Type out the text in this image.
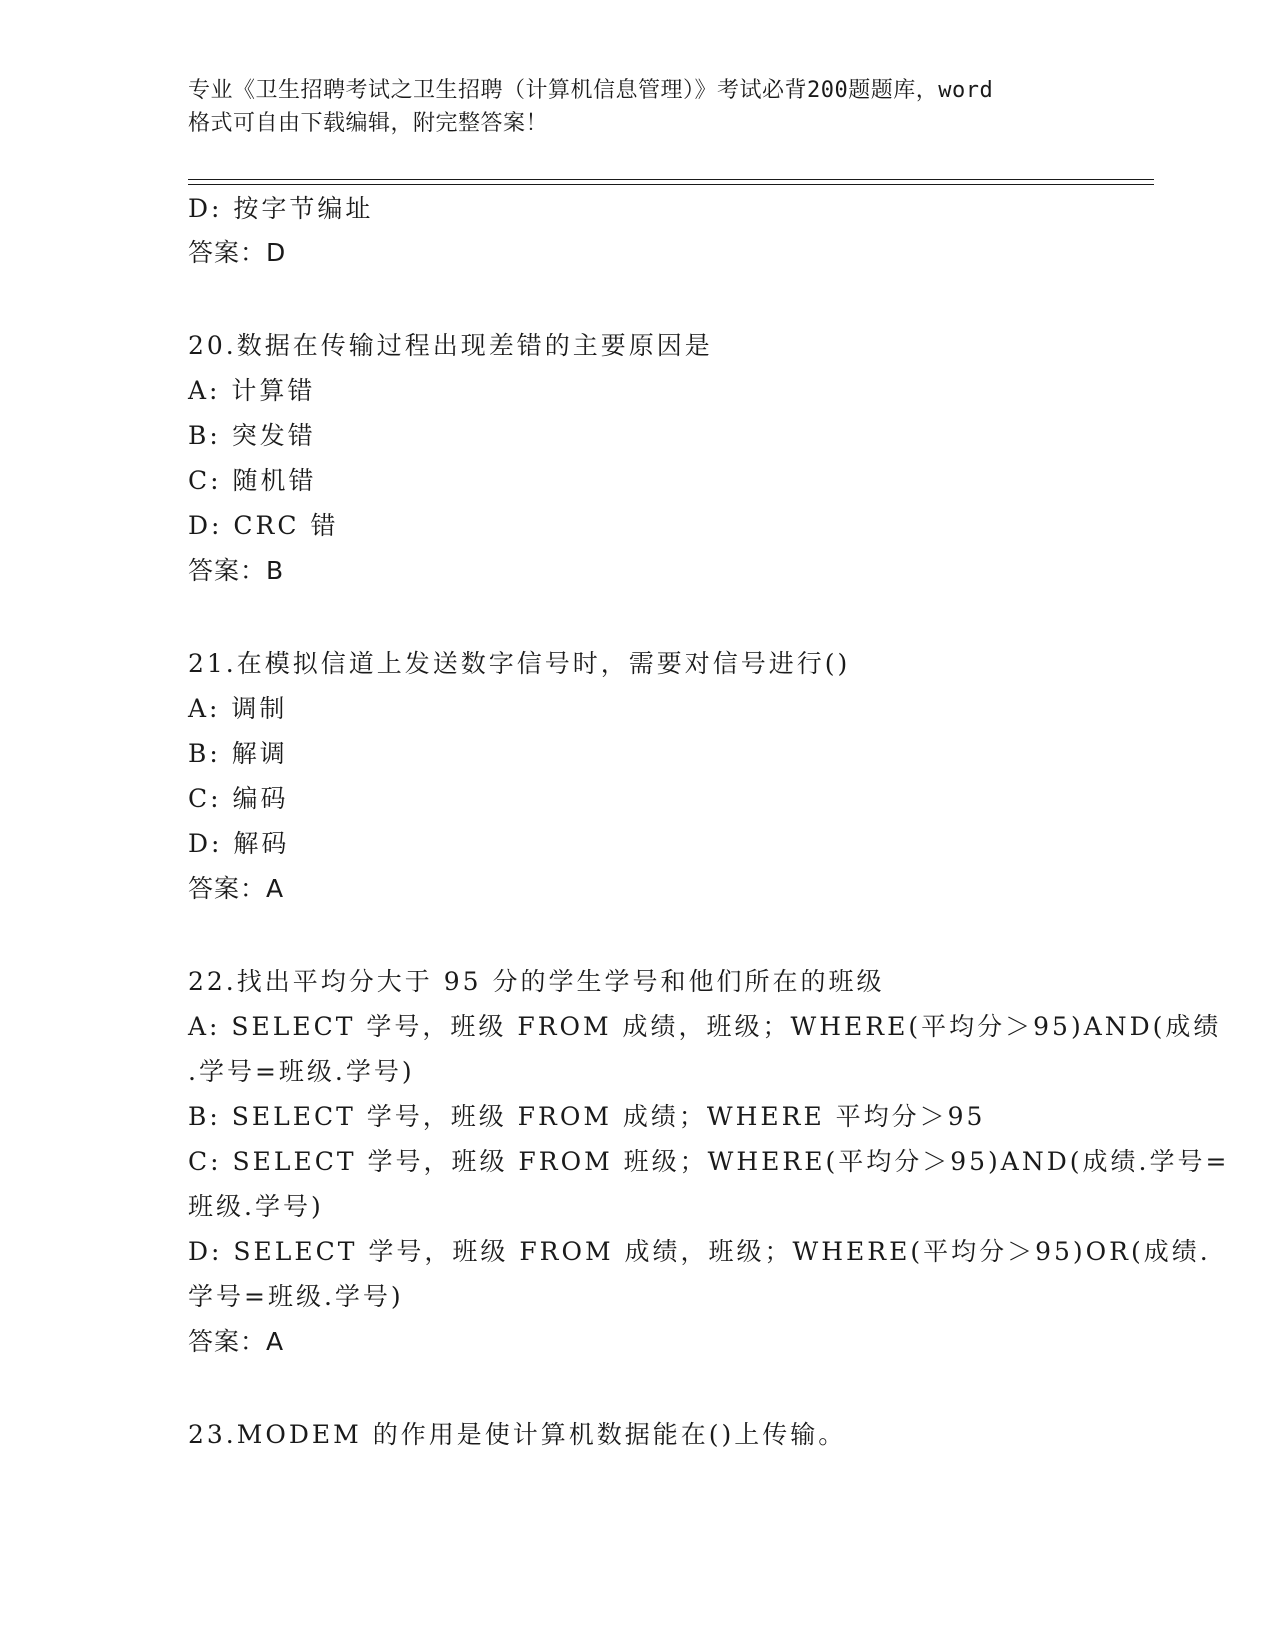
专业《卫生招聘考试之卫生招聘（计算机信息管理）》考试必背200题题库，word
格式可自由下载编辑，附完整答案！
D: 按字节编址
答案：D
20.数据在传输过程出现差错的主要原因是
A: 计算错
B: 突发错
C: 随机错
D: CRC 错
答案：B
21.在模拟信道上发送数字信号时，需要对信号进行()
A: 调制
B: 解调
C: 编码
D: 解码
答案：A
22.找出平均分大于 95 分的学生学号和他们所在的班级
A: SELECT 学号，班级 FROM 成绩，班级；WHERE(平均分＞95)AND(成绩
.学号=班级.学号)
B: SELECT 学号，班级 FROM 成绩；WHERE 平均分＞95
C: SELECT 学号，班级 FROM 班级；WHERE(平均分＞95)AND(成绩.学号=
班级.学号)
D: SELECT 学号，班级 FROM 成绩，班级；WHERE(平均分＞95)OR(成绩.
学号=班级.学号)
答案：A
23.MODEM 的作用是使计算机数据能在()上传输。
